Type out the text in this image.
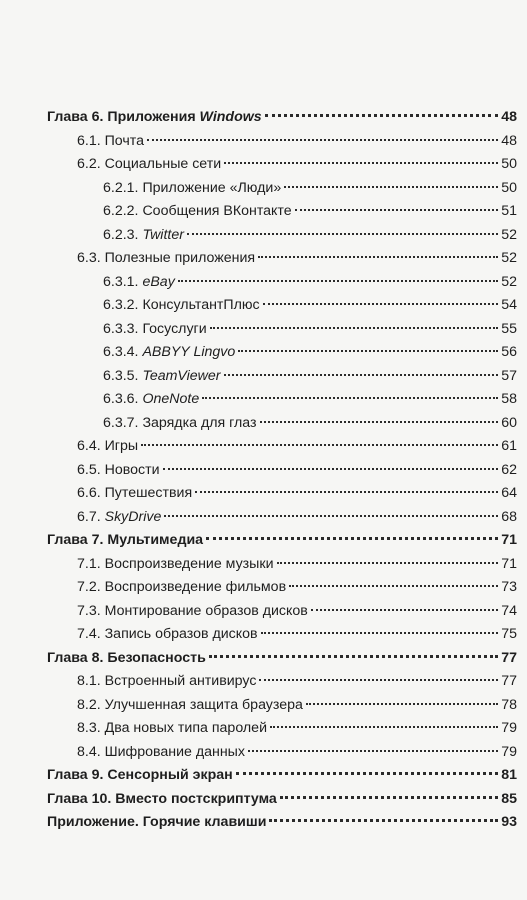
Глава 6. Приложения Windows	48
6.1. Почта	48
6.2. Социальные сети	50
6.2.1. Приложение «Люди»	50
6.2.2. Сообщения ВКонтакте	51
6.2.3. Twitter	52
6.3. Полезные приложения	52
6.3.1. eBay	52
6.3.2. КонсультантПлюс	54
6.3.3. Госуслуги	55
6.3.4. ABBYY Lingvo	56
6.3.5. TeamViewer	57
6.3.6. OneNote	58
6.3.7. Зарядка для глаз	60
6.4. Игры	61
6.5. Новости	62
6.6. Путешествия	64
6.7. SkyDrive	68
Глава 7. Мультимедиа	71
7.1. Воспроизведение музыки	71
7.2. Воспроизведение фильмов	73
7.3. Монтирование образов дисков	74
7.4. Запись образов дисков	75
Глава 8. Безопасность	77
8.1. Встроенный антивирус	77
8.2. Улучшенная защита браузера	78
8.3. Два новых типа паролей	79
8.4. Шифрование данных	79
Глава 9. Сенсорный экран	81
Глава 10. Вместо постскриптума	85
Приложение. Горячие клавиши	93
